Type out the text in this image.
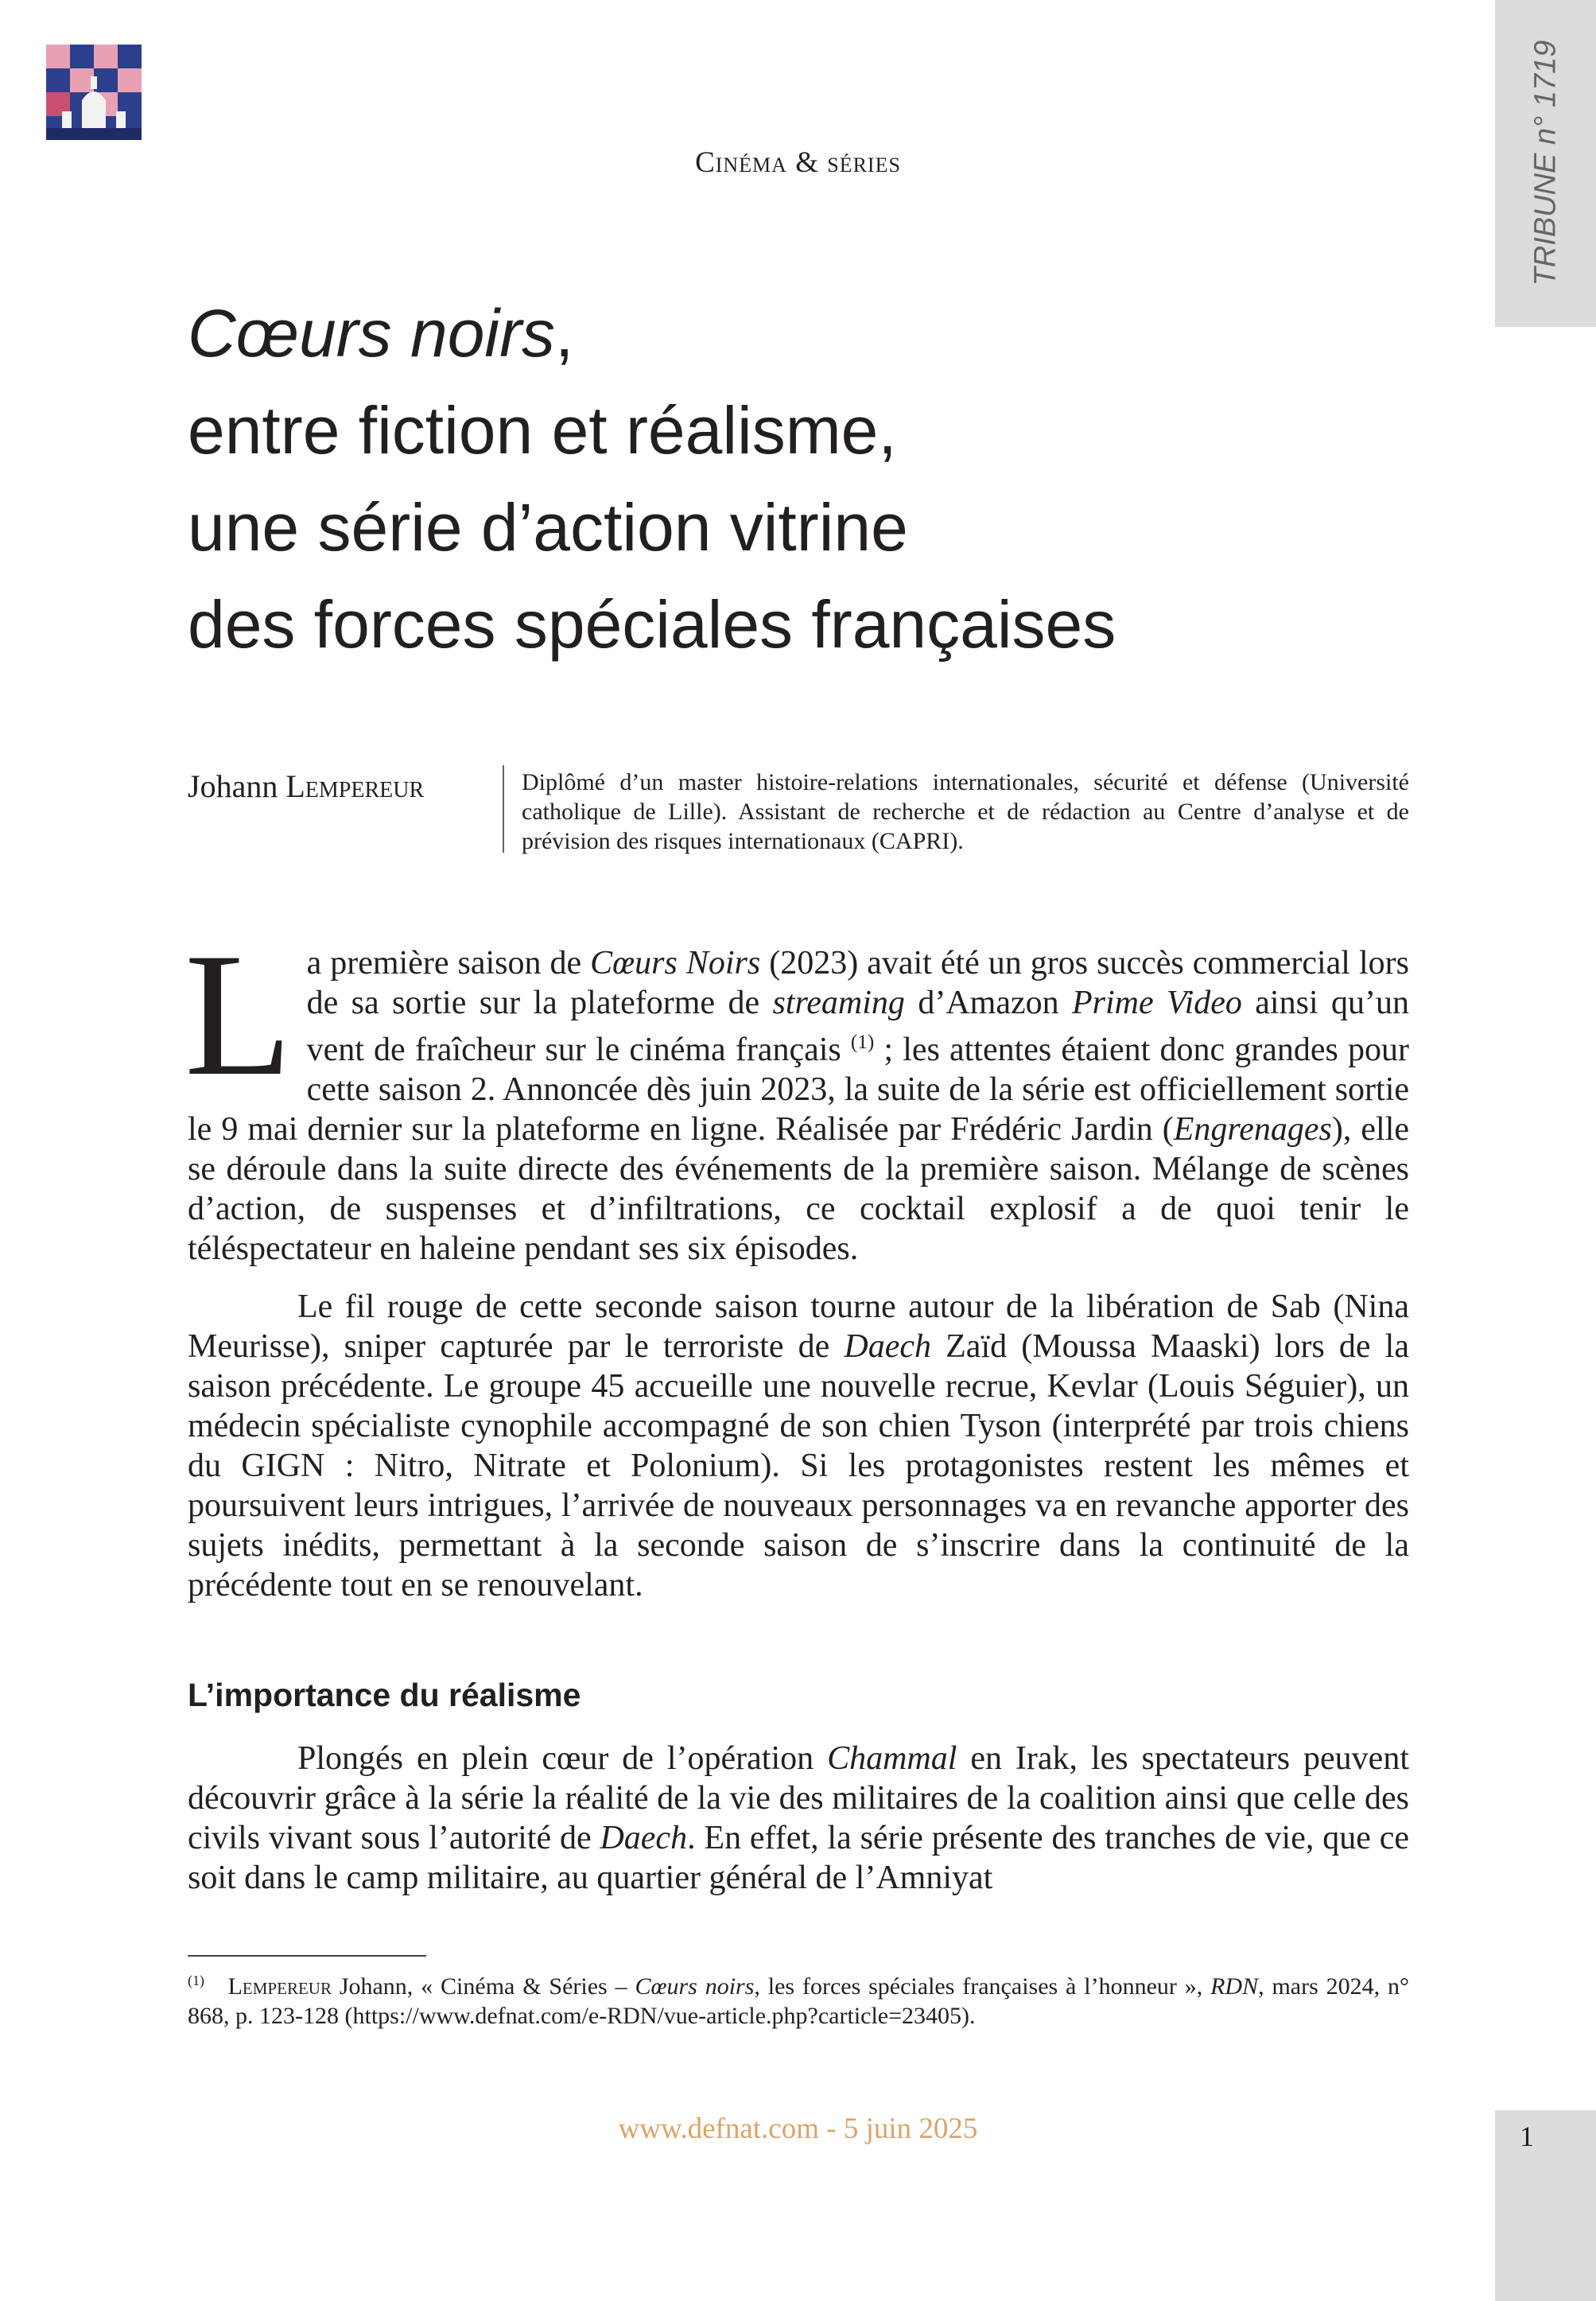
TRIBUNE n° 1719
Cinéma & séries
Cœurs noirs,
entre fiction et réalisme,
une série d’action vitrine
des forces spéciales françaises
Johann Lempereur	Diplômé d’un master histoire-relations internationales, sécurité et défense (Université catholique de Lille). Assistant de recherche et de rédaction au Centre d’analyse et de prévision des risques internationaux (CAPRI).
La première saison de Cœurs Noirs (2023) avait été un gros succès commercial lors de sa sortie sur la plateforme de streaming d’Amazon Prime Video ainsi qu’un vent de fraîcheur sur le cinéma français $^{(1)}$ ; les attentes étaient donc grandes pour cette saison 2. Annoncée dès juin 2023, la suite de la série est officiellement sortie le 9 mai dernier sur la plateforme en ligne. Réalisée par Frédéric Jardin (Engrenages), elle se déroule dans la suite directe des événements de la première saison. Mélange de scènes d’action, de suspenses et d’infiltrations, ce cocktail explosif a de quoi tenir le téléspectateur en haleine pendant ses six épisodes.
Le fil rouge de cette seconde saison tourne autour de la libération de Sab (Nina Meurisse), sniper capturée par le terroriste de Daech Zaïd (Moussa Maaski) lors de la saison précédente. Le groupe 45 accueille une nouvelle recrue, Kevlar (Louis Séguier), un médecin spécialiste cynophile accompagné de son chien Tyson (interprété par trois chiens du GIGN : Nitro, Nitrate et Polonium). Si les protagonistes restent les mêmes et poursuivent leurs intrigues, l’arrivée de nouveaux personnages va en revanche apporter des sujets inédits, permettant à la seconde saison de s’inscrire dans la continuité de la précédente tout en se renouvelant.
L’importance du réalisme
Plongés en plein cœur de l’opération Chammal en Irak, les spectateurs peuvent découvrir grâce à la série la réalité de la vie des militaires de la coalition ainsi que celle des civils vivant sous l’autorité de Daech. En effet, la série présente des tranches de vie, que ce soit dans le camp militaire, au quartier général de l’Amniyat
$^{(1)}$ Lempereur Johann, « Cinéma & Séries – Cœurs noirs, les forces spéciales françaises à l’honneur », RDN, mars 2024, n° 868, p. 123-128 (https://www.defnat.com/e-RDN/vue-article.php?carticle=23405).
www.defnat.com - 5 juin 2025	1
